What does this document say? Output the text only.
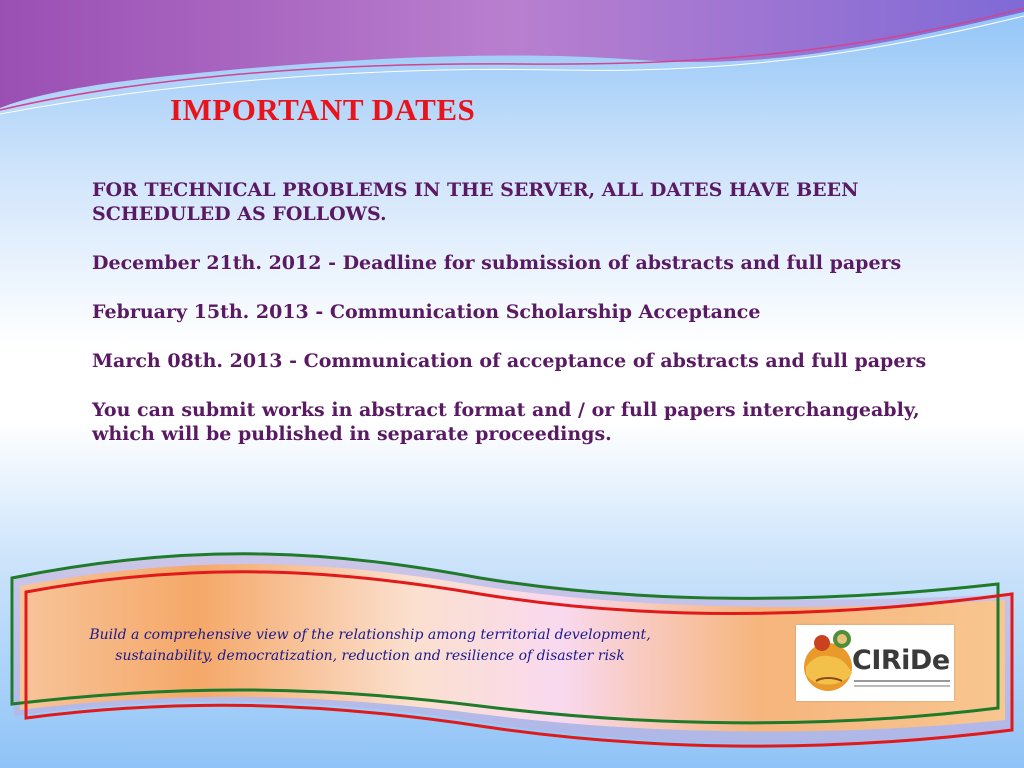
IMPORTANT DATES

FOR TECHNICAL PROBLEMS IN THE SERVER, ALL DATES HAVE BEEN SCHEDULED AS FOLLOWS.

December 21th. 2012 - Deadline for submission of abstracts and full papers

February 15th. 2013 - Communication Scholarship Acceptance

March 08th. 2013 - Communication of acceptance of abstracts and full papers

You can submit works in abstract format and / or full papers interchangeably, which will be published in separate proceedings.

Build a comprehensive view of the relationship among territorial development,
sustainability, democratization, reduction and resilience of disaster risk	CIRiDe
